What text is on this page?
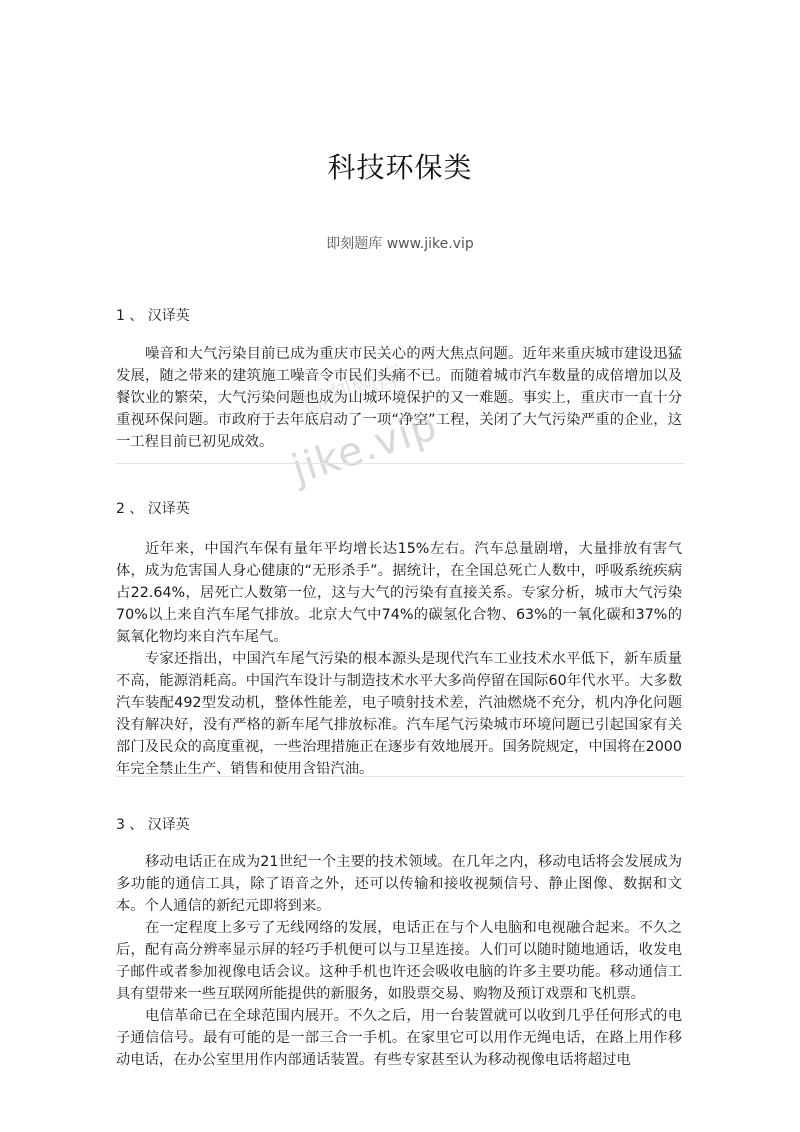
科技环保类
即刻题库 www.jike.vip
1 、 汉译英

噪音和大气污染目前已成为重庆市民关心的两大焦点问题。近年来重庆城市建设迅猛发展，随之带来的建筑施工噪音令市民们头痛不已。而随着城市汽车数量的成倍增加以及餐饮业的繁荣，大气污染问题也成为山城环境保护的又一难题。事实上，重庆市一直十分重视环保问题。市政府于去年底启动了一项“净空”工程，关闭了大气污染严重的企业，这一工程目前已初见成效。

即刻题库
jike.vip
2 、 汉译英

近年来，中国汽车保有量年平均增长达15%左右。汽车总量剧增，大量排放有害气体，成为危害国人身心健康的“无形杀手”。据统计，在全国总死亡人数中，呼吸系统疾病占22.64%，居死亡人数第一位，这与大气的污染有直接关系。专家分析，城市大气污染70%以上来自汽车尾气排放。北京大气中74%的碳氢化合物、63%的一氧化碳和37%的氮氧化物均来自汽车尾气。

专家还指出，中国汽车尾气污染的根本源头是现代汽车工业技术水平低下，新车质量不高，能源消耗高。中国汽车设计与制造技术水平大多尚停留在国际60年代水平。大多数汽车装配492型发动机，整体性能差，电子喷射技术差，汽油燃烧不充分，机内净化问题没有解决好，没有严格的新车尾气排放标准。汽车尾气污染城市环境问题已引起国家有关部门及民众的高度重视，一些治理措施正在逐步有效地展开。国务院规定，中国将在2000年完全禁止生产、销售和使用含铅汽油。

3 、 汉译英

移动电话正在成为21世纪一个主要的技术领域。在几年之内，移动电话将会发展成为多功能的通信工具，除了语音之外，还可以传输和接收视频信号、静止图像、数据和文本。个人通信的新纪元即将到来。

在一定程度上多亏了无线网络的发展，电话正在与个人电脑和电视融合起来。不久之后，配有高分辨率显示屏的轻巧手机便可以与卫星连接。人们可以随时随地通话，收发电子邮件或者参加视像电话会议。这种手机也许还会吸收电脑的许多主要功能。移动通信工具有望带来一些互联网所能提供的新服务，如股票交易、购物及预订戏票和飞机票。

电信革命已在全球范围内展开。不久之后，用一台装置就可以收到几乎任何形式的电子通信信号。最有可能的是一部三合一手机。在家里它可以用作无绳电话，在路上用作移动电话，在办公室里用作内部通话装置。有些专家甚至认为移动视像电话将超过电
